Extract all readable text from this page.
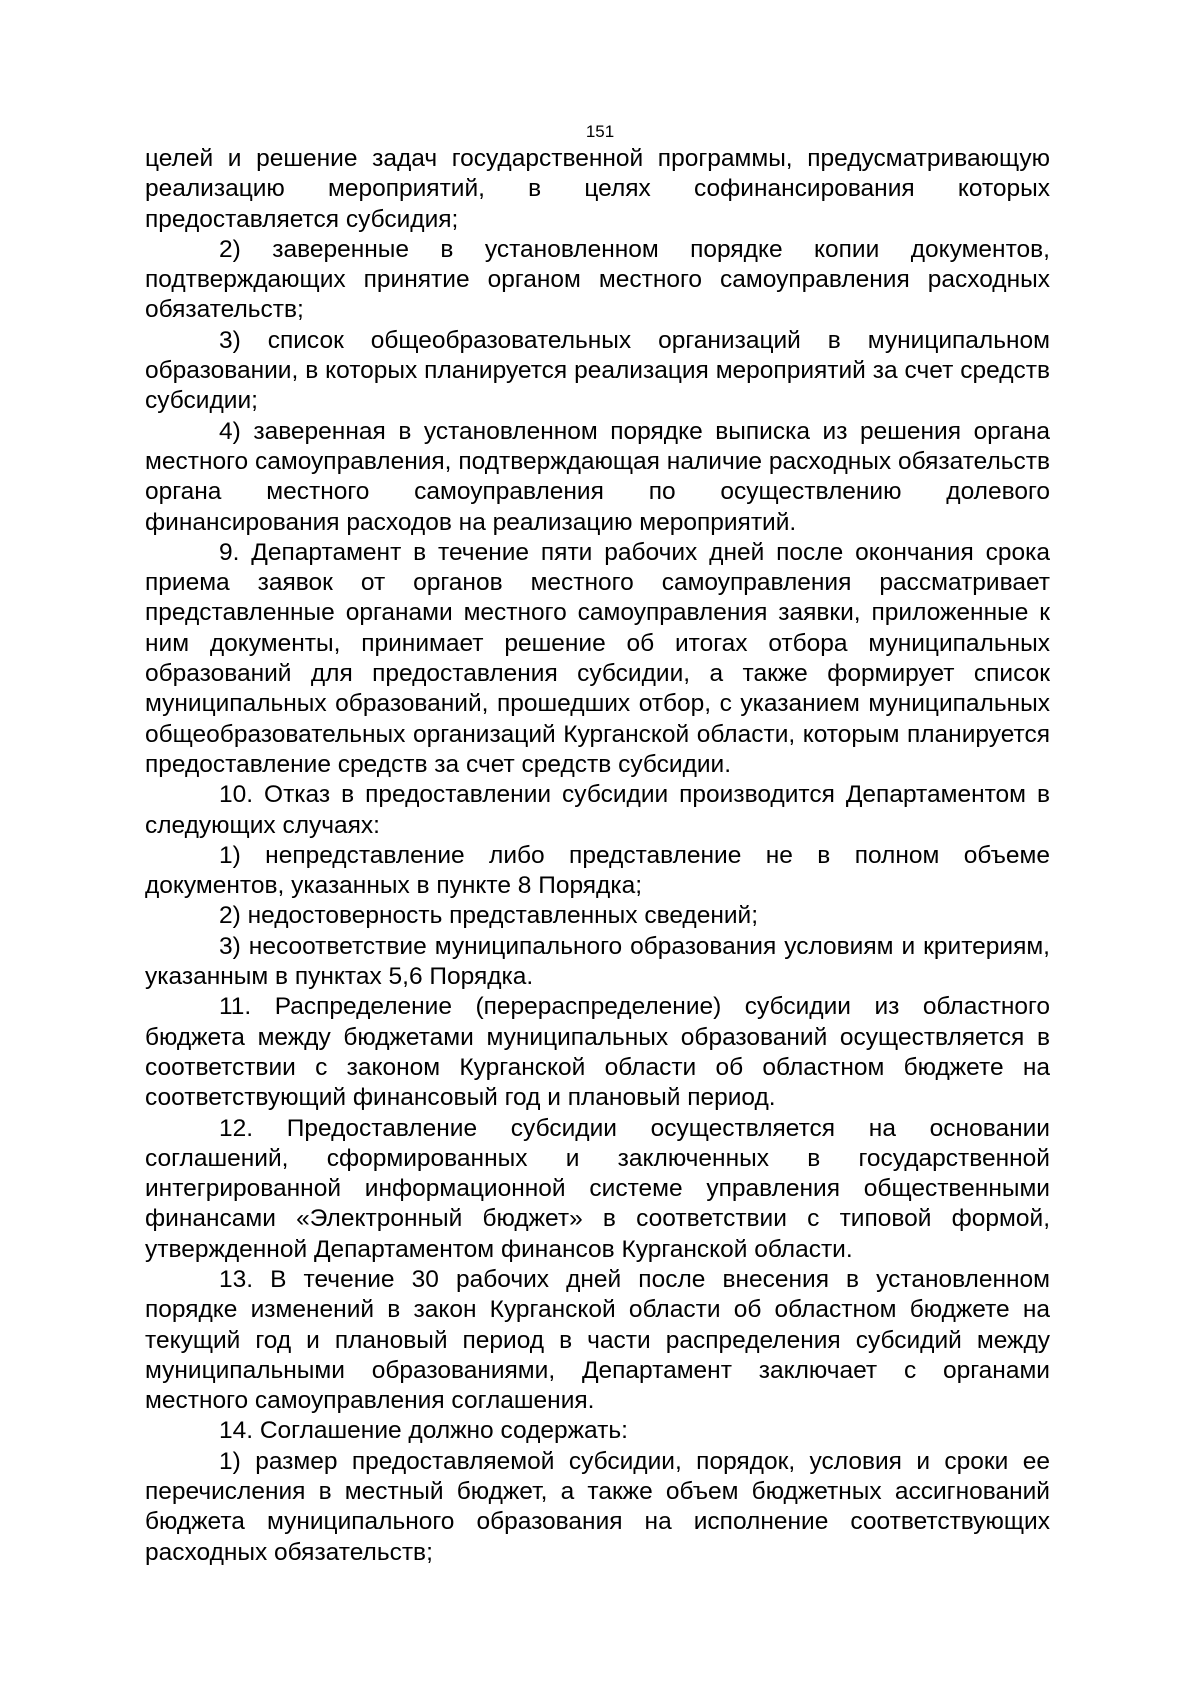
151

целей и решение задач государственной программы, предусматривающую реализацию мероприятий, в целях софинансирования которых предоставляется субсидия;

2) заверенные в установленном порядке копии документов, подтверждающих принятие органом местного самоуправления расходных обязательств;

3) список общеобразовательных организаций в муниципальном образовании, в которых планируется реализация мероприятий за счет средств субсидии;

4) заверенная в установленном порядке выписка из решения органа местного самоуправления, подтверждающая наличие расходных обязательств органа местного самоуправления по осуществлению долевого финансирования расходов на реализацию мероприятий.

9. Департамент в течение пяти рабочих дней после окончания срока приема заявок от органов местного самоуправления рассматривает представленные органами местного самоуправления заявки, приложенные к ним документы, принимает решение об итогах отбора муниципальных образований для предоставления субсидии, а также формирует список муниципальных образований, прошедших отбор, с указанием муниципальных общеобразовательных организаций Курганской области, которым планируется предоставление средств за счет средств субсидии.

10. Отказ в предоставлении субсидии производится Департаментом в следующих случаях:

1) непредставление либо представление не в полном объеме документов, указанных в пункте 8 Порядка;

2) недостоверность представленных сведений;

3) несоответствие муниципального образования условиям и критериям, указанным в пунктах 5,6 Порядка.

11. Распределение (перераспределение) субсидии из областного бюджета между бюджетами муниципальных образований осуществляется в соответствии с законом Курганской области об областном бюджете на соответствующий финансовый год и плановый период.

12. Предоставление субсидии осуществляется на основании соглашений, сформированных и заключенных в государственной интегрированной информационной системе управления общественными финансами «Электронный бюджет» в соответствии с типовой формой, утвержденной Департаментом финансов Курганской области.

13. В течение 30 рабочих дней после внесения в установленном порядке изменений в закон Курганской области об областном бюджете на текущий год и плановый период в части распределения субсидий между муниципальными образованиями, Департамент заключает с органами местного самоуправления соглашения.

14. Соглашение должно содержать:

1) размер предоставляемой субсидии, порядок, условия и сроки ее перечисления в местный бюджет, а также объем бюджетных ассигнований бюджета муниципального образования на исполнение соответствующих расходных обязательств;
